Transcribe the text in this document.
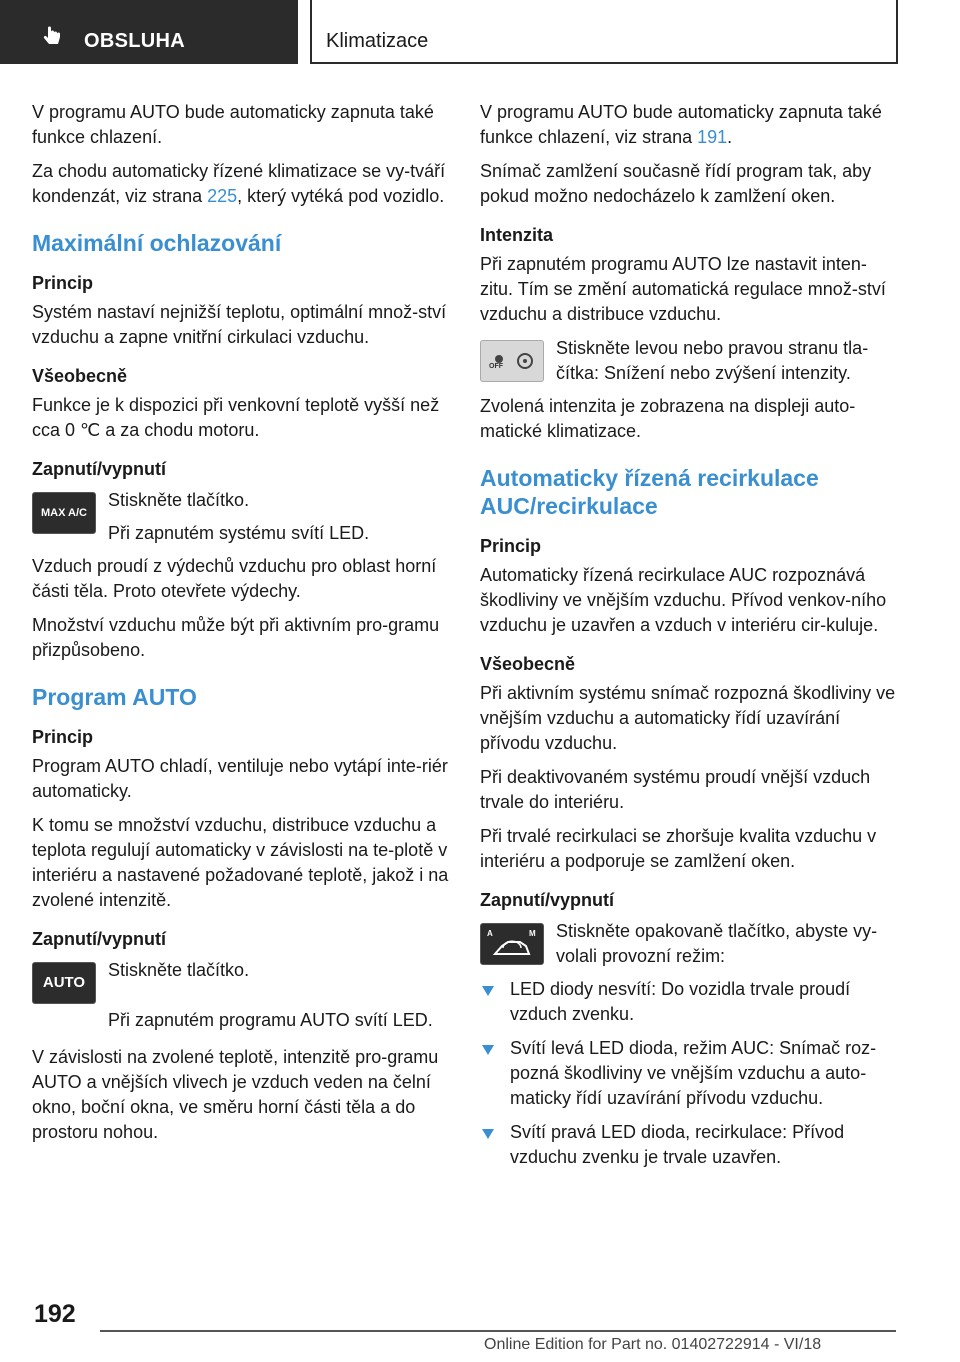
OBSLUHA	Klimatizace

V programu AUTO bude automaticky zapnuta také funkce chlazení.

Za chodu automaticky řízené klimatizace se vy‐tváří kondenzát, viz strana 225, který vytéká pod vozidlo.

Maximální ochlazování
Princip

Systém nastaví nejnižší teplotu, optimální množ‐ství vzduchu a zapne vnitřní cirkulaci vzduchu.

Všeobecně

Funkce je k dispozici při venkovní teplotě vyšší než cca 0 ℃ a za chodu motoru.

Zapnutí/vypnutí
MAX A/C

Stiskněte tlačítko.

Při zapnutém systému svítí LED.

Vzduch proudí z výdechů vzduchu pro oblast horní části těla. Proto otevřete výdechy.

Množství vzduchu může být při aktivním pro‐gramu přizpůsobeno.

Program AUTO
Princip

Program AUTO chladí, ventiluje nebo vytápí inte‐riér automaticky.

K tomu se množství vzduchu, distribuce vzduchu a teplota regulují automaticky v závislosti na te‐plotě v interiéru a nastavené požadované teplotě, jakož i na zvolené intenzitě.

Zapnutí/vypnutí
AUTO

Stiskněte tlačítko.

Při zapnutém programu AUTO svítí LED.

V závislosti na zvolené teplotě, intenzitě pro‐gramu AUTO a vnějších vlivech je vzduch veden na čelní okno, boční okna, ve směru horní části těla a do prostoru nohou.

V programu AUTO bude automaticky zapnuta také funkce chlazení, viz strana 191.

Snímač zamlžení současně řídí program tak, aby pokud možno nedocházelo k zamlžení oken.

Intenzita

Při zapnutém programu AUTO lze nastavit inten‐zitu. Tím se změní automatická regulace množ‐ství vzduchu a distribuce vzduchu.

OFF

Stiskněte levou nebo pravou stranu tla‐čítka: Snížení nebo zvýšení intenzity.

Zvolená intenzita je zobrazena na displeji auto‐matické klimatizace.

Automaticky řízená recirkulace AUC/recirkulace
Princip

Automaticky řízená recirkulace AUC rozpoznává škodliviny ve vnějším vzduchu. Přívod venkov‐ního vzduchu je uzavřen a vzduch v interiéru cir‐kuluje.

Všeobecně

Při aktivním systému snímač rozpozná škodliviny ve vnějším vzduchu a automaticky řídí uzavírání přívodu vzduchu.

Při deaktivovaném systému proudí vnější vzduch trvale do interiéru.

Při trvalé recirkulaci se zhoršuje kvalita vzduchu v interiéru a podporuje se zamlžení oken.

Zapnutí/vypnutí
A	M Stiskněte opakovaně tlačítko, abyste vy‐volali provozní režim:

LED diody nesvítí: Do vozidla trvale proudí vzduch zvenku.
Svítí levá LED dioda, režim AUC: Snímač roz‐pozná škodliviny ve vnějším vzduchu a auto‐maticky řídí uzavírání přívodu vzduchu.
Svítí pravá LED dioda, recirkulace: Přívod vzduchu zvenku je trvale uzavřen.
192
Online Edition for Part no. 01402722914 - VI/18
